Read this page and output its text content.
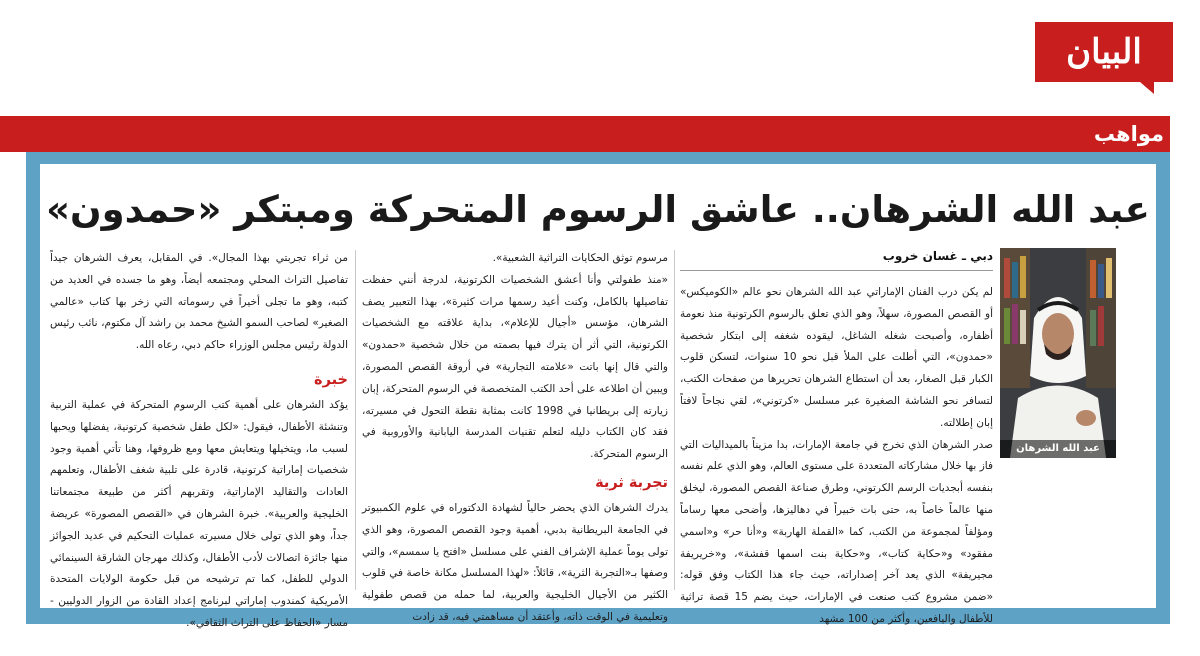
البيان
مواهب
عبد الله الشرهان.. عاشق الرسوم المتحركة ومبتكر «حمدون»
دبي ـ غسان خروب

لم يكن درب الفنان الإماراتي عبد الله الشرهان نحو عالم «الكوميكس» أو القصص المصورة، سهلاً، وهو الذي تعلق بالرسوم الكرتونية منذ نعومة أظفاره، وأصبحت شغله الشاغل، ليقوده شغفه إلى ابتكار شخصية «حمدون»، التي أطلت على الملأ قبل نحو 10 سنوات، لتسكن قلوب الكبار قبل الصغار، بعد أن استطاع الشرهان تحريرها من صفحات الكتب، لتسافر نحو الشاشة الصغيرة عبر مسلسل «كرتوني»، لقي نجاحاً لافتاً إبان إطلالته.

صدر الشرهان الذي تخرج في جامعة الإمارات، بدا مزيناً بالميداليات التي فاز بها خلال مشاركاته المتعددة على مستوى العالم، وهو الذي علم نفسه بنفسه أبجديات الرسم الكرتوني، وطرق صناعة القصص المصورة، ليخلق منها عالماً خاصاً به، حتى بات خبيراً في دهاليزها، وأضحى معها رساماً ومؤلفاً لمجموعة من الكتب، كما «القملة الهاربة» و«أنا حر» و«اسمي مفقود» و«حكاية كتاب»، و«حكاية بنت اسمها قفشة»، و«خريريفة مجيريفة» الذي يعد آخر إصداراته، حيث جاء هذا الكتاب وفق قوله: «ضمن مشروع كتب صنعت في الإمارات، حيث يضم 15 قصة تراثية للأطفال واليافعين، وأكثر من 100 مشهد

مرسوم توثق الحكايات التراثية الشعبية».

«منذ طفولتي وأنا أعشق الشخصيات الكرتونية، لدرجة أنني حفظت تفاصيلها بالكامل، وكنت أعيد رسمها مرات كثيرة»، بهذا التعبير يصف الشرهان، مؤسس «أجيال للإعلام»، بداية علاقته مع الشخصيات الكرتونية، التي أثر أن يترك فيها بصمته من خلال شخصية «حمدون» والتي قال إنها باتت «علامته التجارية» في أروقة القصص المصورة، ويبين أن اطلاعه على أحد الكتب المتخصصة في الرسوم المتحركة، إبان زيارته إلى بريطانيا في 1998 كانت بمثابة نقطة التحول في مسيرته، فقد كان الكتاب دليله لتعلم تقنيات المدرسة اليابانية والأوروبية في الرسوم المتحركة.

تجربة ثرية

يدرك الشرهان الذي يحضر حالياً لشهادة الدكتوراه في علوم الكمبيوتر في الجامعة البريطانية بدبي، أهمية وجود القصص المصورة، وهو الذي تولى يوماً عملية الإشراف الفني على مسلسل «افتح يا سمسم»، والتي وصفها بـ«التجربة الثرية»، قائلاً: «لهذا المسلسل مكانة خاصة في قلوب الكثير من الأجيال الخليجية والعربية، لما حمله من قصص طفولية وتعليمية في الوقت ذاته، وأعتقد أن مساهمتي فيه، قد زادت

من ثراء تجربتي بهذا المجال». في المقابل، يعرف الشرهان جيداً تفاصيل التراث المحلي ومجتمعه أيضاً، وهو ما جسده في العديد من كتبه، وهو ما تجلى أخيراً في رسوماته التي زخر بها كتاب «عالمي الصغير» لصاحب السمو الشيخ محمد بن راشد آل مكتوم، نائب رئيس الدولة رئيس مجلس الوزراء حاكم دبي، رعاه الله.

خبرة

يؤكد الشرهان على أهمية كتب الرسوم المتحركة في عملية التربية وتنشئة الأطفال، فيقول: «لكل طفل شخصية كرتونية، يفضلها ويحبها لسبب ما، ويتخيلها ويتعايش معها ومع ظروفها، وهنا تأتي أهمية وجود شخصيات إماراتية كرتونية، قادرة على تلبية شغف الأطفال، وتعلمهم العادات والتقاليد الإماراتية، وتقربهم أكثر من طبيعة مجتمعاتنا الخليجية والعربية». خبرة الشرهان في «القصص المصورة» عريضة جداً، وهو الذي تولى خلال مسيرته عمليات التحكيم في عديد الجوائز منها جائزة اتصالات لأدب الأطفال، وكذلك مهرجان الشارقة السينمائي الدولي للطفل، كما تم ترشيحه من قبل حكومة الولايات المتحدة الأمريكية كمندوب إماراتي لبرنامج إعداد القادة من الزوار الدوليين - مسار «الحفاظ على التراث الثقافي».

عبد الله الشرهان
